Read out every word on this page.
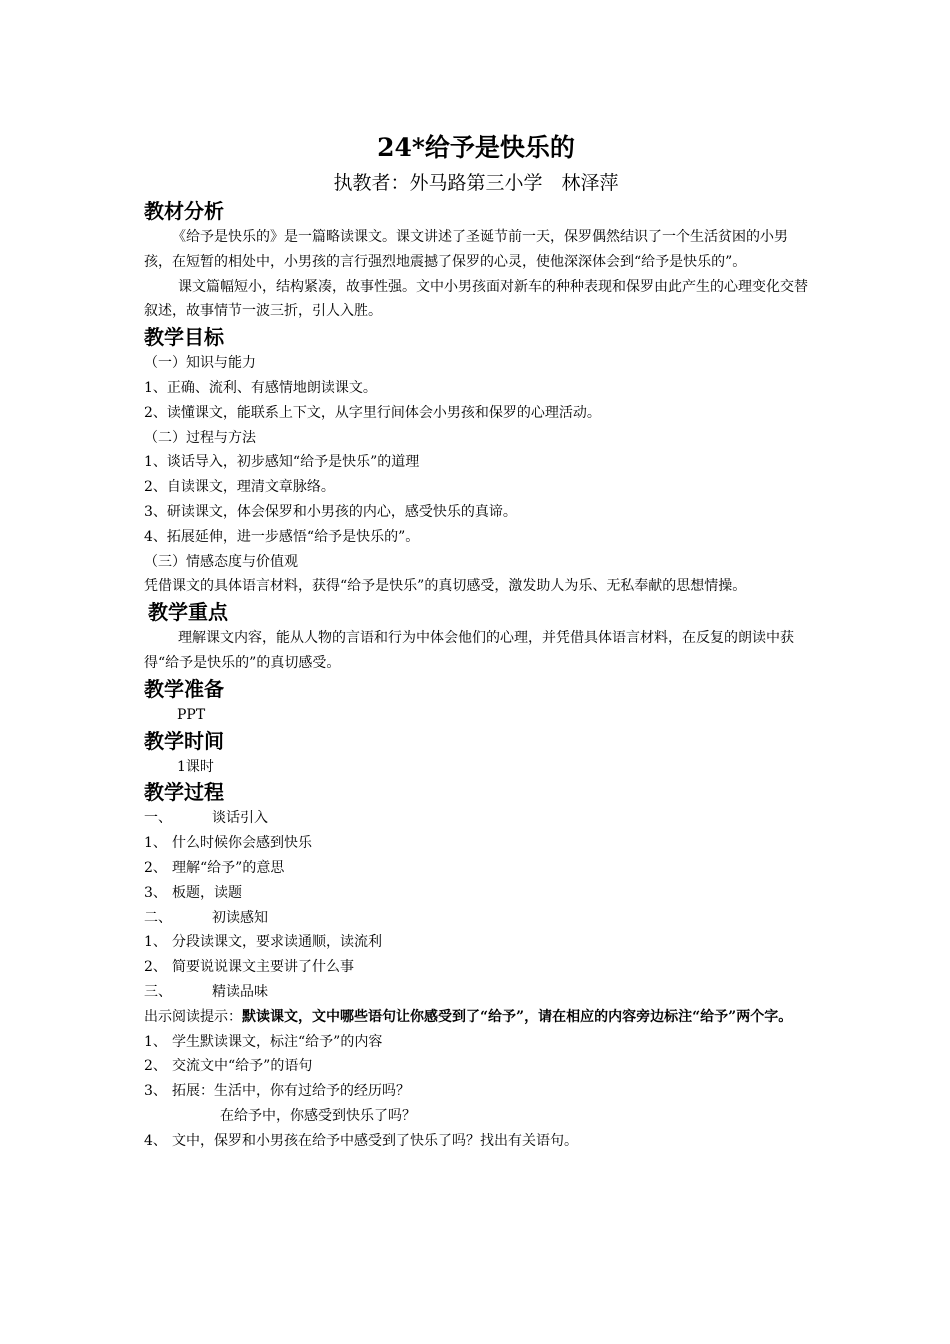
24*给予是快乐的

执教者：外马路第三小学　林泽萍

教材分析

《给予是快乐的》是一篇略读课文。课文讲述了圣诞节前一天，保罗偶然结识了一个生活贫困的小男孩，在短暂的相处中，小男孩的言行强烈地震撼了保罗的心灵，使他深深体会到“给予是快乐的”。

课文篇幅短小，结构紧凑，故事性强。文中小男孩面对新车的种种表现和保罗由此产生的心理变化交替叙述，故事情节一波三折，引人入胜。

教学目标

（一）知识与能力

1、正确、流利、有感情地朗读课文。

2、读懂课文，能联系上下文，从字里行间体会小男孩和保罗的心理活动。

（二）过程与方法

1、谈话导入，初步感知“给予是快乐”的道理

2、自读课文，理清文章脉络。

3、研读课文，体会保罗和小男孩的内心，感受快乐的真谛。

4、拓展延伸，进一步感悟“给予是快乐的”。

（三）情感态度与价值观

凭借课文的具体语言材料，获得“给予是快乐”的真切感受，激发助人为乐、无私奉献的思想情操。

教学重点

理解课文内容，能从人物的言语和行为中体会他们的心理，并凭借具体语言材料，在反复的朗读中获得“给予是快乐的”的真切感受。

教学准备

PPT

教学时间

1课时

教学过程

一、	谈话引入

1、 什么时候你会感到快乐

2、 理解“给予”的意思

3、 板题，读题

二、	初读感知

1、 分段读课文，要求读通顺，读流利

2、 简要说说课文主要讲了什么事

三、	精读品味

出示阅读提示：默读课文，文中哪些语句让你感受到了“给予”，请在相应的内容旁边标注“给予”两个字。

1、 学生默读课文，标注“给予”的内容

2、 交流文中“给予”的语句

3、 拓展：生活中，你有过给予的经历吗？

在给予中，你感受到快乐了吗？

4、 文中，保罗和小男孩在给予中感受到了快乐了吗？找出有关语句。
